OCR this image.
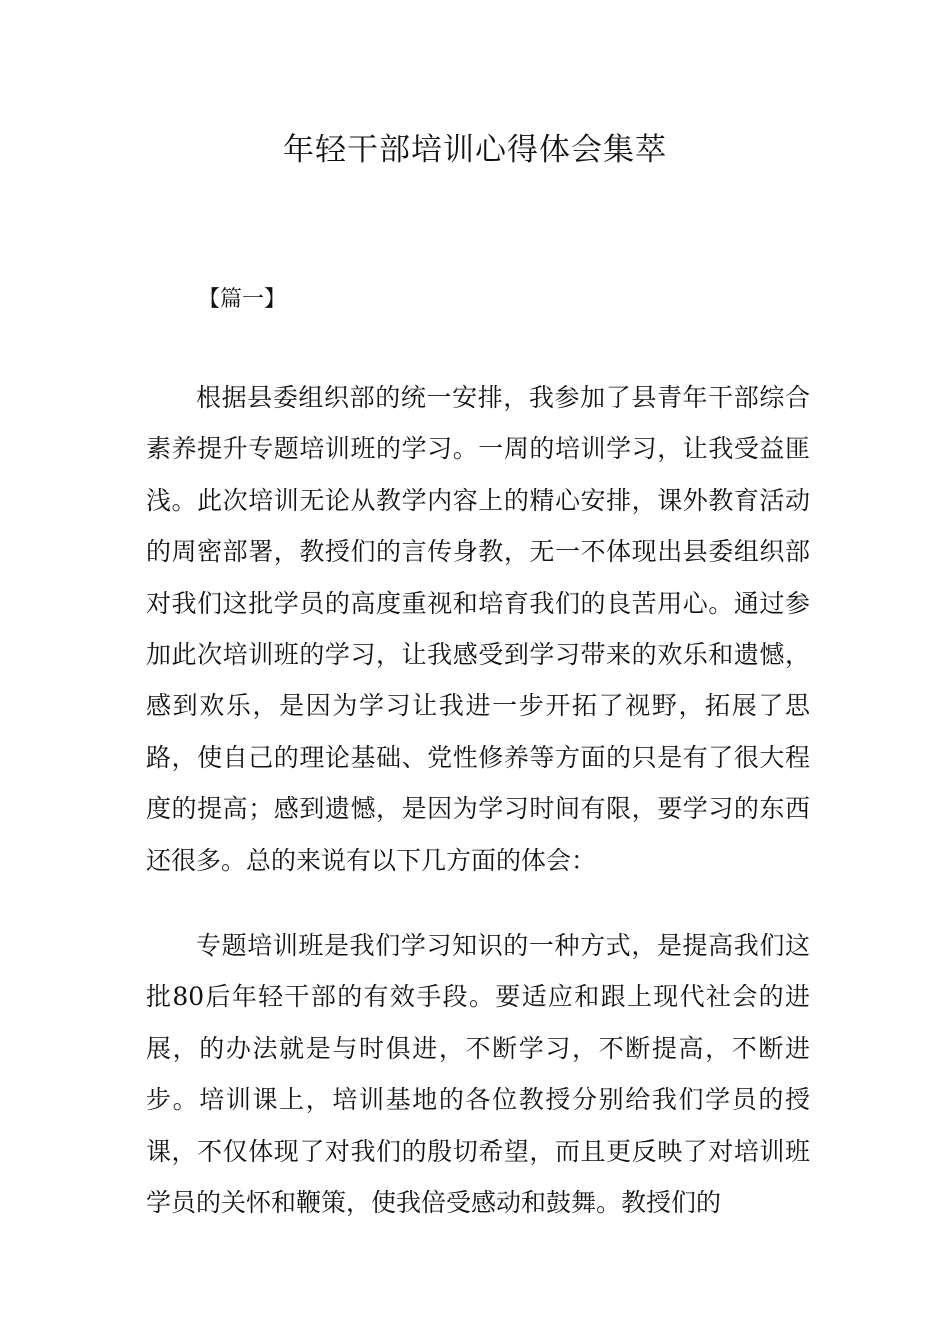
年轻干部培训心得体会集萃
【篇一】

根据县委组织部的统一安排，我参加了县青年干部综合素养提升专题培训班的学习。一周的培训学习，让我受益匪浅。此次培训无论从教学内容上的精心安排，课外教育活动的周密部署，教授们的言传身教，无一不体现出县委组织部对我们这批学员的高度重视和培育我们的良苦用心。通过参加此次培训班的学习，让我感受到学习带来的欢乐和遗憾，感到欢乐，是因为学习让我进一步开拓了视野，拓展了思路，使自己的理论基础、党性修养等方面的只是有了很大程度的提高；感到遗憾，是因为学习时间有限，要学习的东西还很多。总的来说有以下几方面的体会：

专题培训班是我们学习知识的一种方式，是提高我们这批80后年轻干部的有效手段。要适应和跟上现代社会的进展，的办法就是与时俱进，不断学习，不断提高，不断进步。培训课上，培训基地的各位教授分别给我们学员的授课，不仅体现了对我们的殷切希望，而且更反映了对培训班学员的关怀和鞭策，使我倍受感动和鼓舞。教授们的
